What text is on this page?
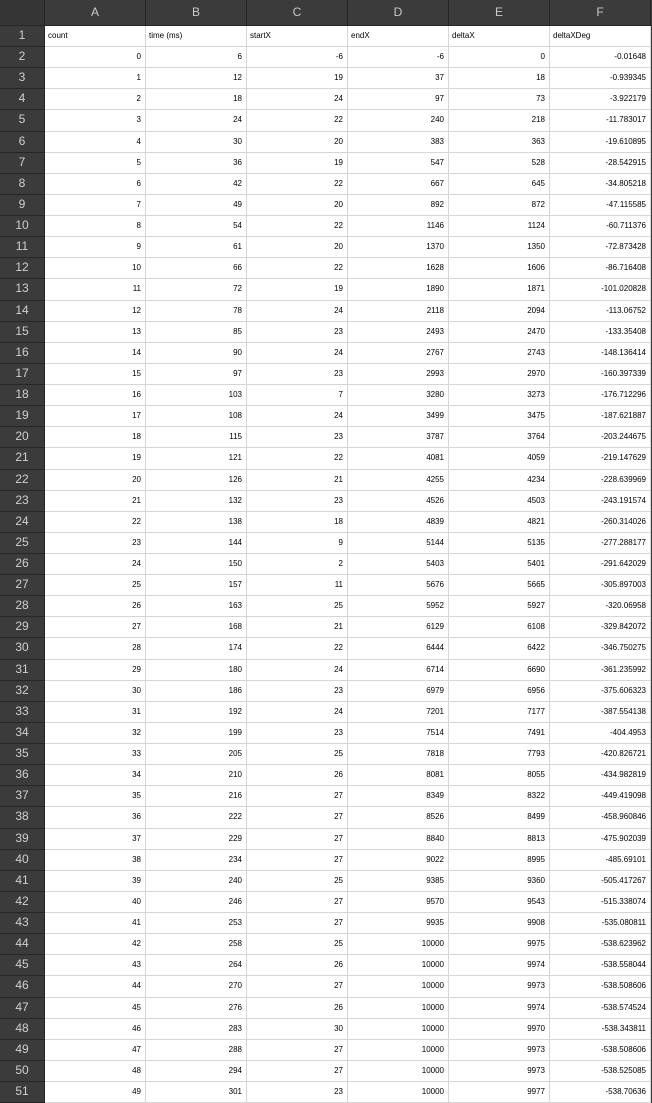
A	B	C	D	E	F
1	count	time (ms)	startX	endX	deltaX	deltaXDeg
2	0	6	-6	-6	0	-0.01648
3	1	12	19	37	18	-0.939345
4	2	18	24	97	73	-3.922179
5	3	24	22	240	218	-11.783017
6	4	30	20	383	363	-19.610895
7	5	36	19	547	528	-28.542915
8	6	42	22	667	645	-34.805218
9	7	49	20	892	872	-47.115585
10	8	54	22	1146	1124	-60.711376
11	9	61	20	1370	1350	-72.873428
12	10	66	22	1628	1606	-86.716408
13	11	72	19	1890	1871	-101.020828
14	12	78	24	2118	2094	-113.06752
15	13	85	23	2493	2470	-133.35408
16	14	90	24	2767	2743	-148.136414
17	15	97	23	2993	2970	-160.397339
18	16	103	7	3280	3273	-176.712296
19	17	108	24	3499	3475	-187.621887
20	18	115	23	3787	3764	-203.244675
21	19	121	22	4081	4059	-219.147629
22	20	126	21	4255	4234	-228.639969
23	21	132	23	4526	4503	-243.191574
24	22	138	18	4839	4821	-260.314026
25	23	144	9	5144	5135	-277.288177
26	24	150	2	5403	5401	-291.642029
27	25	157	11	5676	5665	-305.897003
28	26	163	25	5952	5927	-320.06958
29	27	168	21	6129	6108	-329.842072
30	28	174	22	6444	6422	-346.750275
31	29	180	24	6714	6690	-361.235992
32	30	186	23	6979	6956	-375.606323
33	31	192	24	7201	7177	-387.554138
34	32	199	23	7514	7491	-404.4953
35	33	205	25	7818	7793	-420.826721
36	34	210	26	8081	8055	-434.982819
37	35	216	27	8349	8322	-449.419098
38	36	222	27	8526	8499	-458.960846
39	37	229	27	8840	8813	-475.902039
40	38	234	27	9022	8995	-485.69101
41	39	240	25	9385	9360	-505.417267
42	40	246	27	9570	9543	-515.338074
43	41	253	27	9935	9908	-535.080811
44	42	258	25	10000	9975	-538.623962
45	43	264	26	10000	9974	-538.558044
46	44	270	27	10000	9973	-538.508606
47	45	276	26	10000	9974	-538.574524
48	46	283	30	10000	9970	-538.343811
49	47	288	27	10000	9973	-538.508606
50	48	294	27	10000	9973	-538.525085
51	49	301	23	10000	9977	-538.70636
